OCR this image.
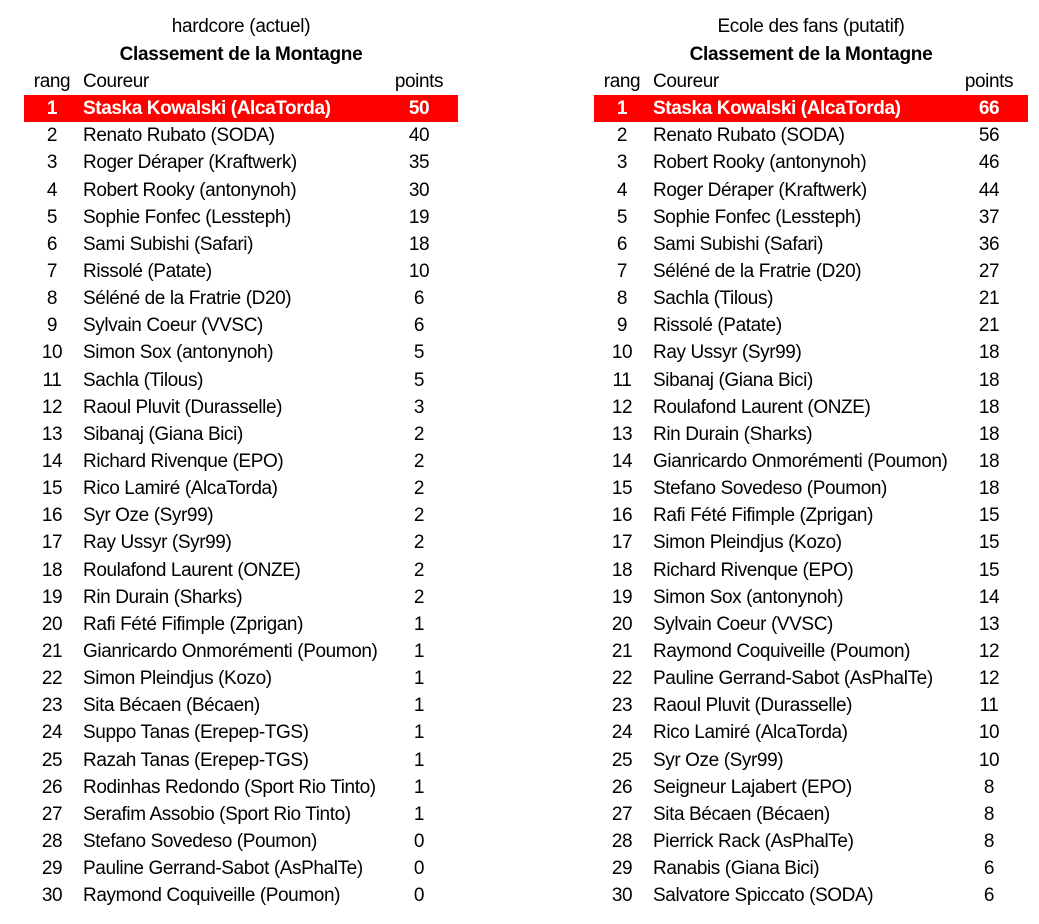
hardcore (actuel)
Classement de la Montagne
rang	Coureur	points
1	Staska Kowalski (AlcaTorda)	50
2	Renato Rubato (SODA)	40
3	Roger Déraper (Kraftwerk)	35
4	Robert Rooky (antonynoh)	30
5	Sophie Fonfec (Lessteph)	19
6	Sami Subishi (Safari)	18
7	Rissolé (Patate)	10
8	Séléné de la Fratrie (D20)	6
9	Sylvain Coeur (VVSC)	6
10	Simon Sox (antonynoh)	5
11	Sachla (Tilous)	5
12	Raoul Pluvit (Durasselle)	3
13	Sibanaj (Giana Bici)	2
14	Richard Rivenque (EPO)	2
15	Rico Lamiré (AlcaTorda)	2
16	Syr Oze (Syr99)	2
17	Ray Ussyr (Syr99)	2
18	Roulafond Laurent (ONZE)	2
19	Rin Durain (Sharks)	2
20	Rafi Fété Fifimple (Zprigan)	1
21	Gianricardo Onmorémenti (Poumon)	1
22	Simon Pleindjus (Kozo)	1
23	Sita Bécaen (Bécaen)	1
24	Suppo Tanas (Erepep-TGS)	1
25	Razah Tanas (Erepep-TGS)	1
26	Rodinhas Redondo (Sport Rio Tinto)	1
27	Serafim Assobio (Sport Rio Tinto)	1
28	Stefano Sovedeso (Poumon)	0
29	Pauline Gerrand-Sabot (AsPhalTe)	0
30	Raymond Coquiveille (Poumon)	0
Ecole des fans (putatif)
Classement de la Montagne
rang	Coureur	points
1	Staska Kowalski (AlcaTorda)	66
2	Renato Rubato (SODA)	56
3	Robert Rooky (antonynoh)	46
4	Roger Déraper (Kraftwerk)	44
5	Sophie Fonfec (Lessteph)	37
6	Sami Subishi (Safari)	36
7	Séléné de la Fratrie (D20)	27
8	Sachla (Tilous)	21
9	Rissolé (Patate)	21
10	Ray Ussyr (Syr99)	18
11	Sibanaj (Giana Bici)	18
12	Roulafond Laurent (ONZE)	18
13	Rin Durain (Sharks)	18
14	Gianricardo Onmorémenti (Poumon)	18
15	Stefano Sovedeso (Poumon)	18
16	Rafi Fété Fifimple (Zprigan)	15
17	Simon Pleindjus (Kozo)	15
18	Richard Rivenque (EPO)	15
19	Simon Sox (antonynoh)	14
20	Sylvain Coeur (VVSC)	13
21	Raymond Coquiveille (Poumon)	12
22	Pauline Gerrand-Sabot (AsPhalTe)	12
23	Raoul Pluvit (Durasselle)	11
24	Rico Lamiré (AlcaTorda)	10
25	Syr Oze (Syr99)	10
26	Seigneur Lajabert (EPO)	8
27	Sita Bécaen (Bécaen)	8
28	Pierrick Rack (AsPhalTe)	8
29	Ranabis (Giana Bici)	6
30	Salvatore Spiccato (SODA)	6
